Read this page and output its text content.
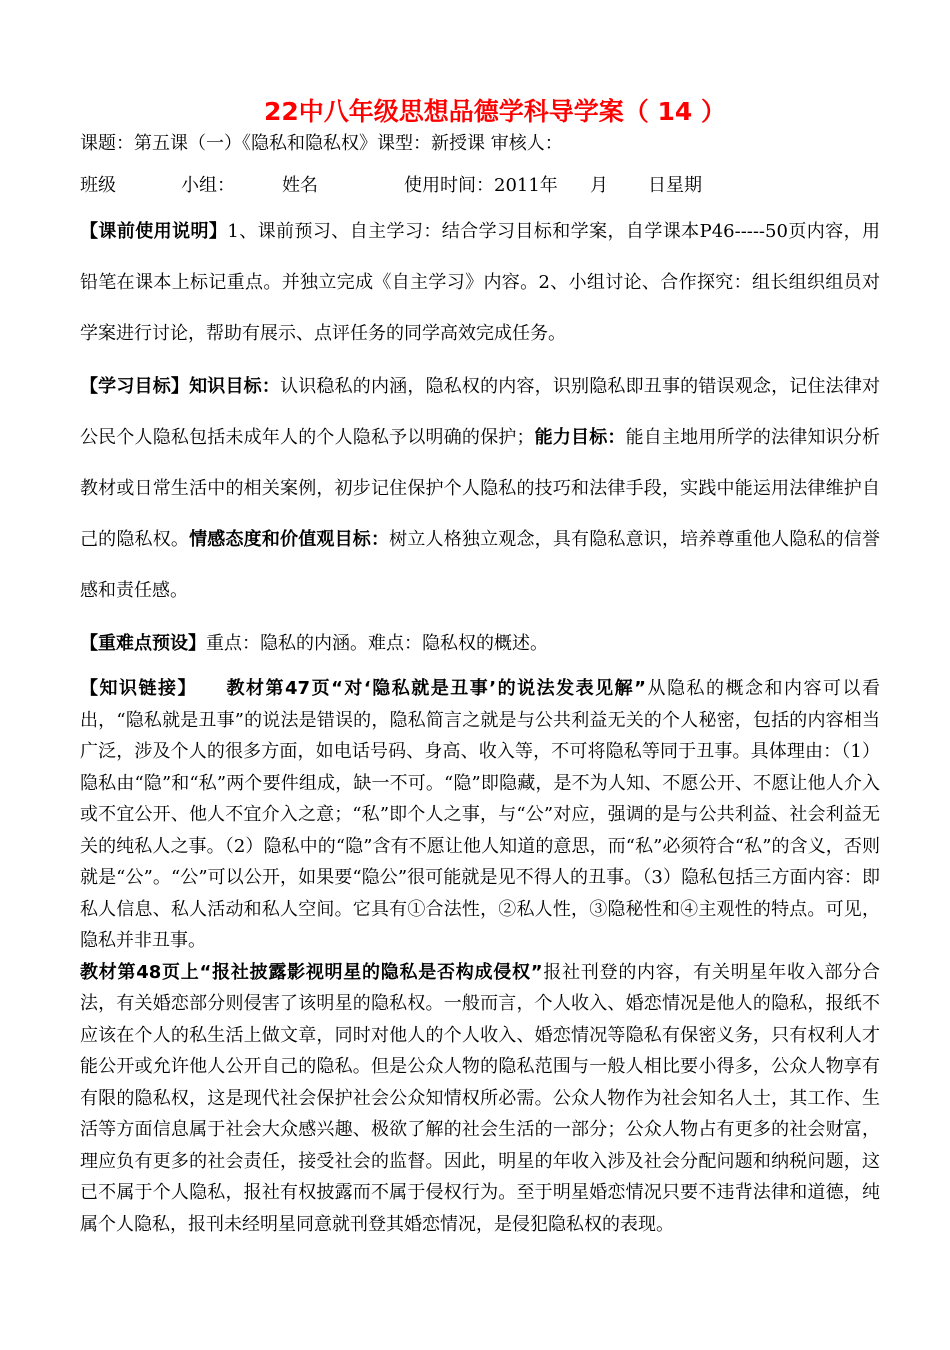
22中八年级思想品德学科导学案（ 14 ）
课题：第五课（一）《隐私和隐私权》课型：新授课 审核人：
班级	小组：	姓名	使用时间：2011年 月 日星期

【课前使用说明】1、课前预习、自主学习：结合学习目标和学案，自学课本P46-----50页内容，用铅笔在课本上标记重点。并独立完成《自主学习》内容。2、小组讨论、合作探究：组长组织组员对学案进行讨论，帮助有展示、点评任务的同学高效完成任务。

【学习目标】知识目标：认识稳私的内涵，隐私权的内容，识别隐私即丑事的错误观念，记住法律对公民个人隐私包括未成年人的个人隐私予以明确的保护；能力目标：能自主地用所学的法律知识分析教材或日常生活中的相关案例，初步记住保护个人隐私的技巧和法律手段，实践中能运用法律维护自己的隐私权。情感态度和价值观目标：树立人格独立观念，具有隐私意识，培养尊重他人隐私的信誉感和责任感。

【重难点预设】重点：隐私的内涵。难点：隐私权的概述。

【知识链接】 教材第47页“对‘隐私就是丑事’的说法发表见解”从隐私的概念和内容可以看出，“隐私就是丑事”的说法是错误的，隐私简言之就是与公共利益无关的个人秘密，包括的内容相当广泛，涉及个人的很多方面，如电话号码、身高、收入等，不可将隐私等同于丑事。具体理由：（1）隐私由“隐”和“私”两个要件组成，缺一不可。“隐”即隐藏，是不为人知、不愿公开、不愿让他人介入或不宜公开、他人不宜介入之意；“私”即个人之事，与“公”对应，强调的是与公共利益、社会利益无关的纯私人之事。（2）隐私中的“隐”含有不愿让他人知道的意思，而“私”必须符合“私”的含义，否则就是“公”。“公”可以公开，如果要“隐公”很可能就是见不得人的丑事。（3）隐私包括三方面内容：即私人信息、私人活动和私人空间。它具有①合法性，②私人性，③隐秘性和④主观性的特点。可见，隐私并非丑事。

教材第48页上“报社披露影视明星的隐私是否构成侵权”报社刊登的内容，有关明星年收入部分合法，有关婚恋部分则侵害了该明星的隐私权。一般而言，个人收入、婚恋情况是他人的隐私，报纸不应该在个人的私生活上做文章，同时对他人的个人收入、婚恋情况等隐私有保密义务，只有权利人才能公开或允许他人公开自己的隐私。但是公众人物的隐私范围与一般人相比要小得多，公众人物享有有限的隐私权，这是现代社会保护社会公众知情权所必需。公众人物作为社会知名人士，其工作、生活等方面信息属于社会大众感兴趣、极欲了解的社会生活的一部分；公众人物占有更多的社会财富，理应负有更多的社会责任，接受社会的监督。因此，明星的年收入涉及社会分配问题和纳税问题，这已不属于个人隐私，报社有权披露而不属于侵权行为。至于明星婚恋情况只要不违背法律和道德，纯属个人隐私，报刊未经明星同意就刊登其婚恋情况，是侵犯隐私权的表现。
